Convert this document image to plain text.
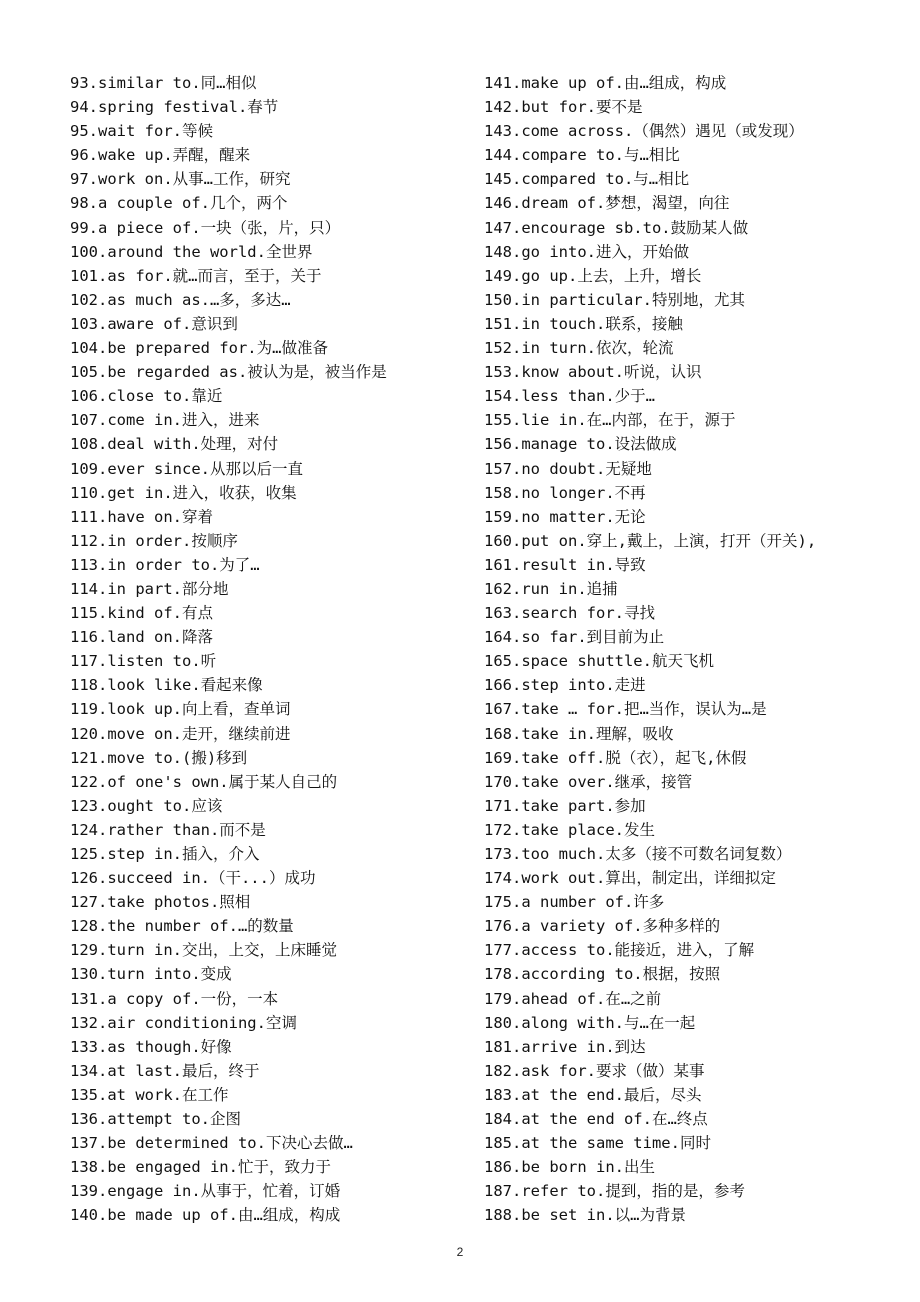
93.similar to.同…相似
94.spring festival.春节
95.wait for.等候
96.wake up.弄醒，醒来
97.work on.从事…工作，研究
98.a couple of.几个，两个
99.a piece of.一块（张，片，只）
100.around the world.全世界
101.as for.就…而言，至于，关于
102.as much as.…多，多达…
103.aware of.意识到
104.be prepared for.为…做准备
105.be regarded as.被认为是，被当作是
106.close to.靠近
107.come in.进入，进来
108.deal with.处理，对付
109.ever since.从那以后一直
110.get in.进入，收获，收集
111.have on.穿着
112.in order.按顺序
113.in order to.为了…
114.in part.部分地
115.kind of.有点
116.land on.降落
117.listen to.听
118.look like.看起来像
119.look up.向上看，查单词
120.move on.走开，继续前进
121.move to.(搬)移到
122.of one's own.属于某人自己的
123.ought to.应该
124.rather than.而不是
125.step in.插入，介入
126.succeed in.（干...）成功
127.take photos.照相
128.the number of.…的数量
129.turn in.交出，上交，上床睡觉
130.turn into.变成
131.a copy of.一份，一本
132.air conditioning.空调
133.as though.好像
134.at last.最后，终于
135.at work.在工作
136.attempt to.企图
137.be determined to.下决心去做…
138.be engaged in.忙于，致力于
139.engage in.从事于，忙着，订婚
140.be made up of.由…组成，构成
141.make up of.由…组成，构成
142.but for.要不是
143.come across.（偶然）遇见（或发现）
144.compare to.与…相比
145.compared to.与…相比
146.dream of.梦想，渴望，向往
147.encourage sb.to.鼓励某人做
148.go into.进入，开始做
149.go up.上去，上升，增长
150.in particular.特别地，尤其
151.in touch.联系，接触
152.in turn.依次，轮流
153.know about.听说，认识
154.less than.少于…
155.lie in.在…内部，在于，源于
156.manage to.设法做成
157.no doubt.无疑地
158.no longer.不再
159.no matter.无论
160.put on.穿上,戴上，上演，打开（开关),
161.result in.导致
162.run in.追捕
163.search for.寻找
164.so far.到目前为止
165.space shuttle.航天飞机
166.step into.走进
167.take … for.把…当作，误认为…是
168.take in.理解，吸收
169.take off.脱（衣），起飞,休假
170.take over.继承，接管
171.take part.参加
172.take place.发生
173.too much.太多（接不可数名词复数）
174.work out.算出，制定出，详细拟定
175.a number of.许多
176.a variety of.多种多样的
177.access to.能接近，进入，了解
178.according to.根据，按照
179.ahead of.在…之前
180.along with.与…在一起
181.arrive in.到达
182.ask for.要求（做）某事
183.at the end.最后，尽头
184.at the end of.在…终点
185.at the same time.同时
186.be born in.出生
187.refer to.提到，指的是，参考
188.be set in.以…为背景
2
